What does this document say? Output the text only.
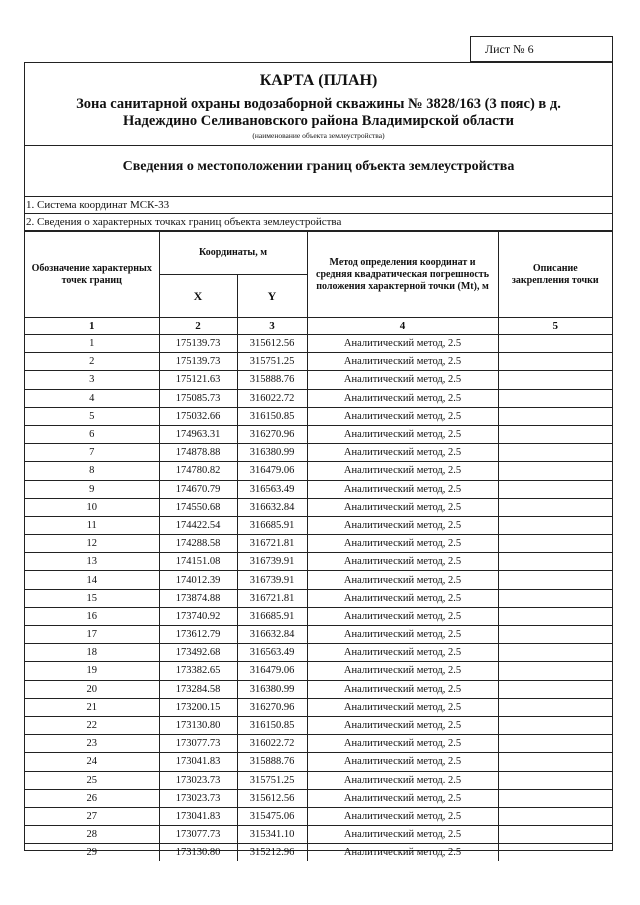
Лист № 6
КАРТА (ПЛАН)
Зона санитарной охраны водозаборной скважины № 3828/163 (3 пояс) в д.
Надеждино Селивановского района Владимирской области
(наименование объекта землеустройства)
Сведения о местоположении границ объекта землеустройства
1. Система координат МСК-33
2. Сведения о характерных точках границ объекта землеустройства
Обозначение характерных точек границ	Координаты, м		Метод определения координат и средняя квадратическая погрешность положения характерной точки (Mt), м	Описание закрепления точки
	X	Y		
1	2	3	4	5
1	175139.73	315612.56	Аналитический метод, 2.5	
2	175139.73	315751.25	Аналитический метод, 2.5	
3	175121.63	315888.76	Аналитический метод, 2.5	
4	175085.73	316022.72	Аналитический метод, 2.5	
5	175032.66	316150.85	Аналитический метод, 2.5	
6	174963.31	316270.96	Аналитический метод, 2.5	
7	174878.88	316380.99	Аналитический метод, 2.5	
8	174780.82	316479.06	Аналитический метод, 2.5	
9	174670.79	316563.49	Аналитический метод, 2.5	
10	174550.68	316632.84	Аналитический метод, 2.5	
11	174422.54	316685.91	Аналитический метод, 2.5	
12	174288.58	316721.81	Аналитический метод, 2.5	
13	174151.08	316739.91	Аналитический метод, 2.5	
14	174012.39	316739.91	Аналитический метод, 2.5	
15	173874.88	316721.81	Аналитический метод, 2.5	
16	173740.92	316685.91	Аналитический метод, 2.5	
17	173612.79	316632.84	Аналитический метод, 2.5	
18	173492.68	316563.49	Аналитический метод, 2.5	
19	173382.65	316479.06	Аналитический метод, 2.5	
20	173284.58	316380.99	Аналитический метод, 2.5	
21	173200.15	316270.96	Аналитический метод, 2.5	
22	173130.80	316150.85	Аналитический метод, 2.5	
23	173077.73	316022.72	Аналитический метод, 2.5	
24	173041.83	315888.76	Аналитический метод, 2.5	
25	173023.73	315751.25	Аналитический метод. 2.5	
26	173023.73	315612.56	Аналитический метод, 2.5	
27	173041.83	315475.06	Аналитический метод, 2.5	
28	173077.73	315341.10	Аналитический метод, 2.5	
29	173130.80	315212.96	Аналитический метод, 2.5	
